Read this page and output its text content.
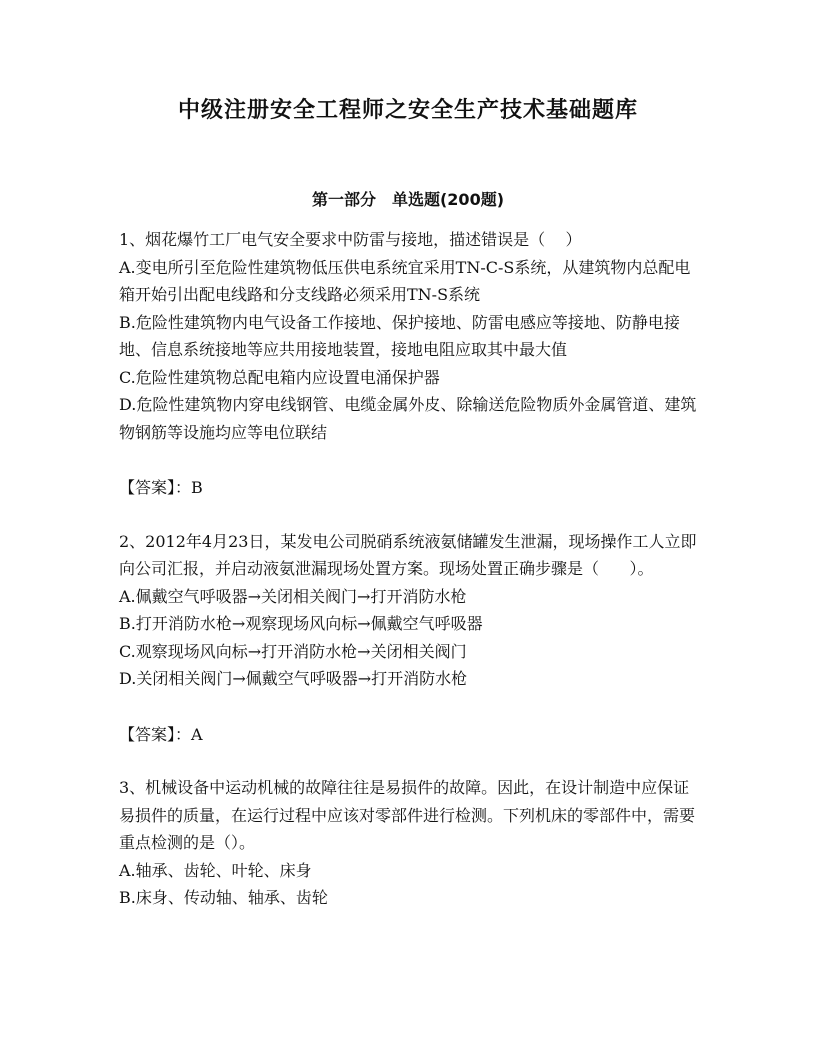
中级注册安全工程师之安全生产技术基础题库
第一部分　单选题(200题)

1、烟花爆竹工厂电气安全要求中防雷与接地，描述错误是（    ）

A.变电所引至危险性建筑物低压供电系统宜采用TN-C-S系统，从建筑物内总配电箱开始引出配电线路和分支线路必须采用TN-S系统

B.危险性建筑物内电气设备工作接地、保护接地、防雷电感应等接地、防静电接地、信息系统接地等应共用接地装置，接地电阻应取其中最大值

C.危险性建筑物总配电箱内应设置电涌保护器

D.危险性建筑物内穿电线钢管、电缆金属外皮、除输送危险物质外金属管道、建筑物钢筋等设施均应等电位联结

【答案】：B

2、2012年4月23日，某发电公司脱硝系统液氨储罐发生泄漏，现场操作工人立即向公司汇报，并启动液氨泄漏现场处置方案。现场处置正确步骤是（      ）。

A.佩戴空气呼吸器→关闭相关阀门→打开消防水枪

B.打开消防水枪→观察现场风向标→佩戴空气呼吸器

C.观察现场风向标→打开消防水枪→关闭相关阀门

D.关闭相关阀门→佩戴空气呼吸器→打开消防水枪

【答案】：A

3、机械设备中运动机械的故障往往是易损件的故障。因此，在设计制造中应保证易损件的质量，在运行过程中应该对零部件进行检测。下列机床的零部件中，需要重点检测的是（）。

A.轴承、齿轮、叶轮、床身

B.床身、传动轴、轴承、齿轮
